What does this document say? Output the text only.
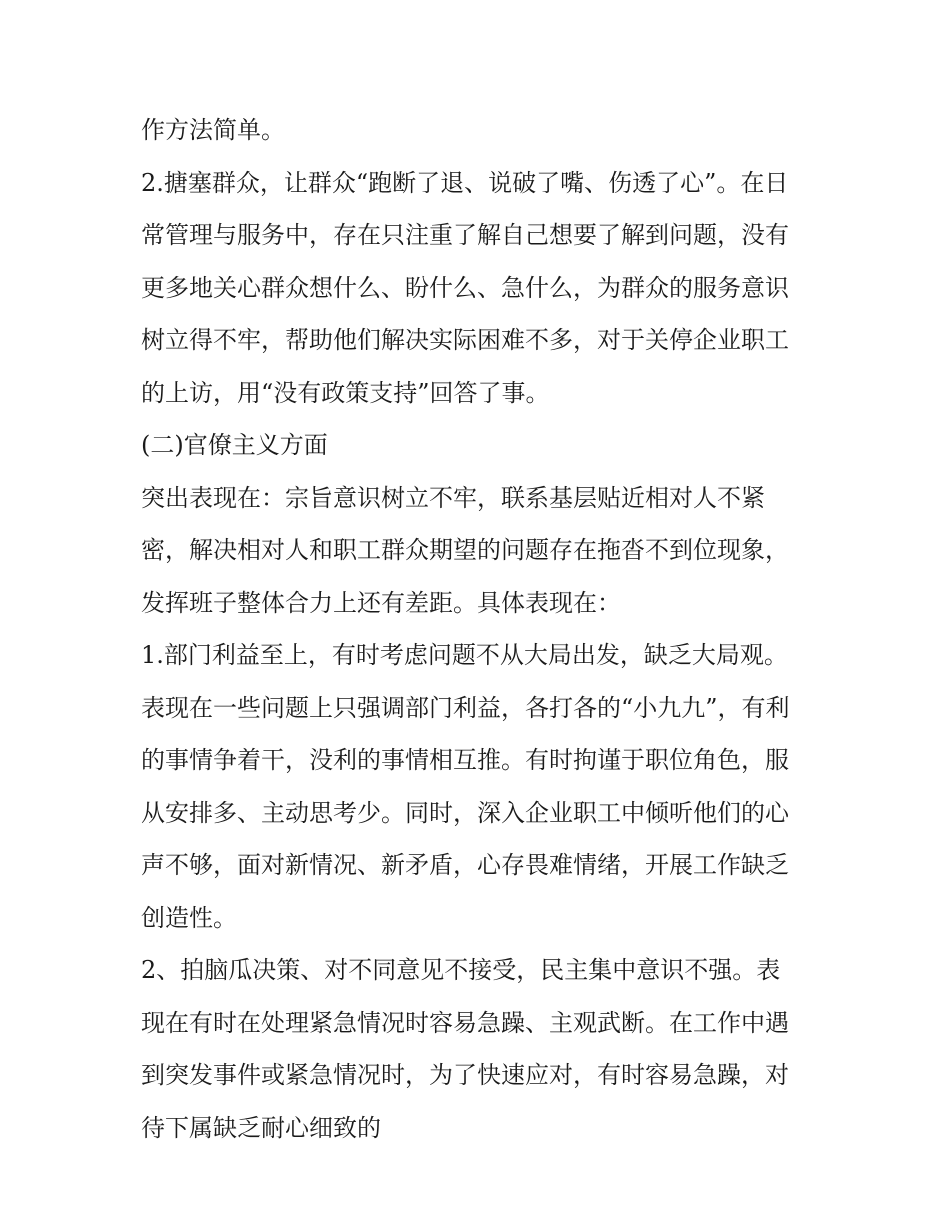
作方法简单。
2.搪塞群众，让群众“跑断了退、说破了嘴、伤透了心”。在日
常管理与服务中，存在只注重了解自己想要了解到问题，没有
更多地关心群众想什么、盼什么、急什么，为群众的服务意识
树立得不牢，帮助他们解决实际困难不多，对于关停企业职工
的上访，用“没有政策支持”回答了事。
(二)官僚主义方面
突出表现在：宗旨意识树立不牢，联系基层贴近相对人不紧
密，解决相对人和职工群众期望的问题存在拖沓不到位现象，
发挥班子整体合力上还有差距。具体表现在：
1.部门利益至上，有时考虑问题不从大局出发，缺乏大局观。
表现在一些问题上只强调部门利益，各打各的“小九九”，有利
的事情争着干，没利的事情相互推。有时拘谨于职位角色，服
从安排多、主动思考少。同时，深入企业职工中倾听他们的心
声不够，面对新情况、新矛盾，心存畏难情绪，开展工作缺乏
创造性。
2、拍脑瓜决策、对不同意见不接受，民主集中意识不强。表
现在有时在处理紧急情况时容易急躁、主观武断。在工作中遇
到突发事件或紧急情况时，为了快速应对，有时容易急躁，对
待下属缺乏耐心细致的
